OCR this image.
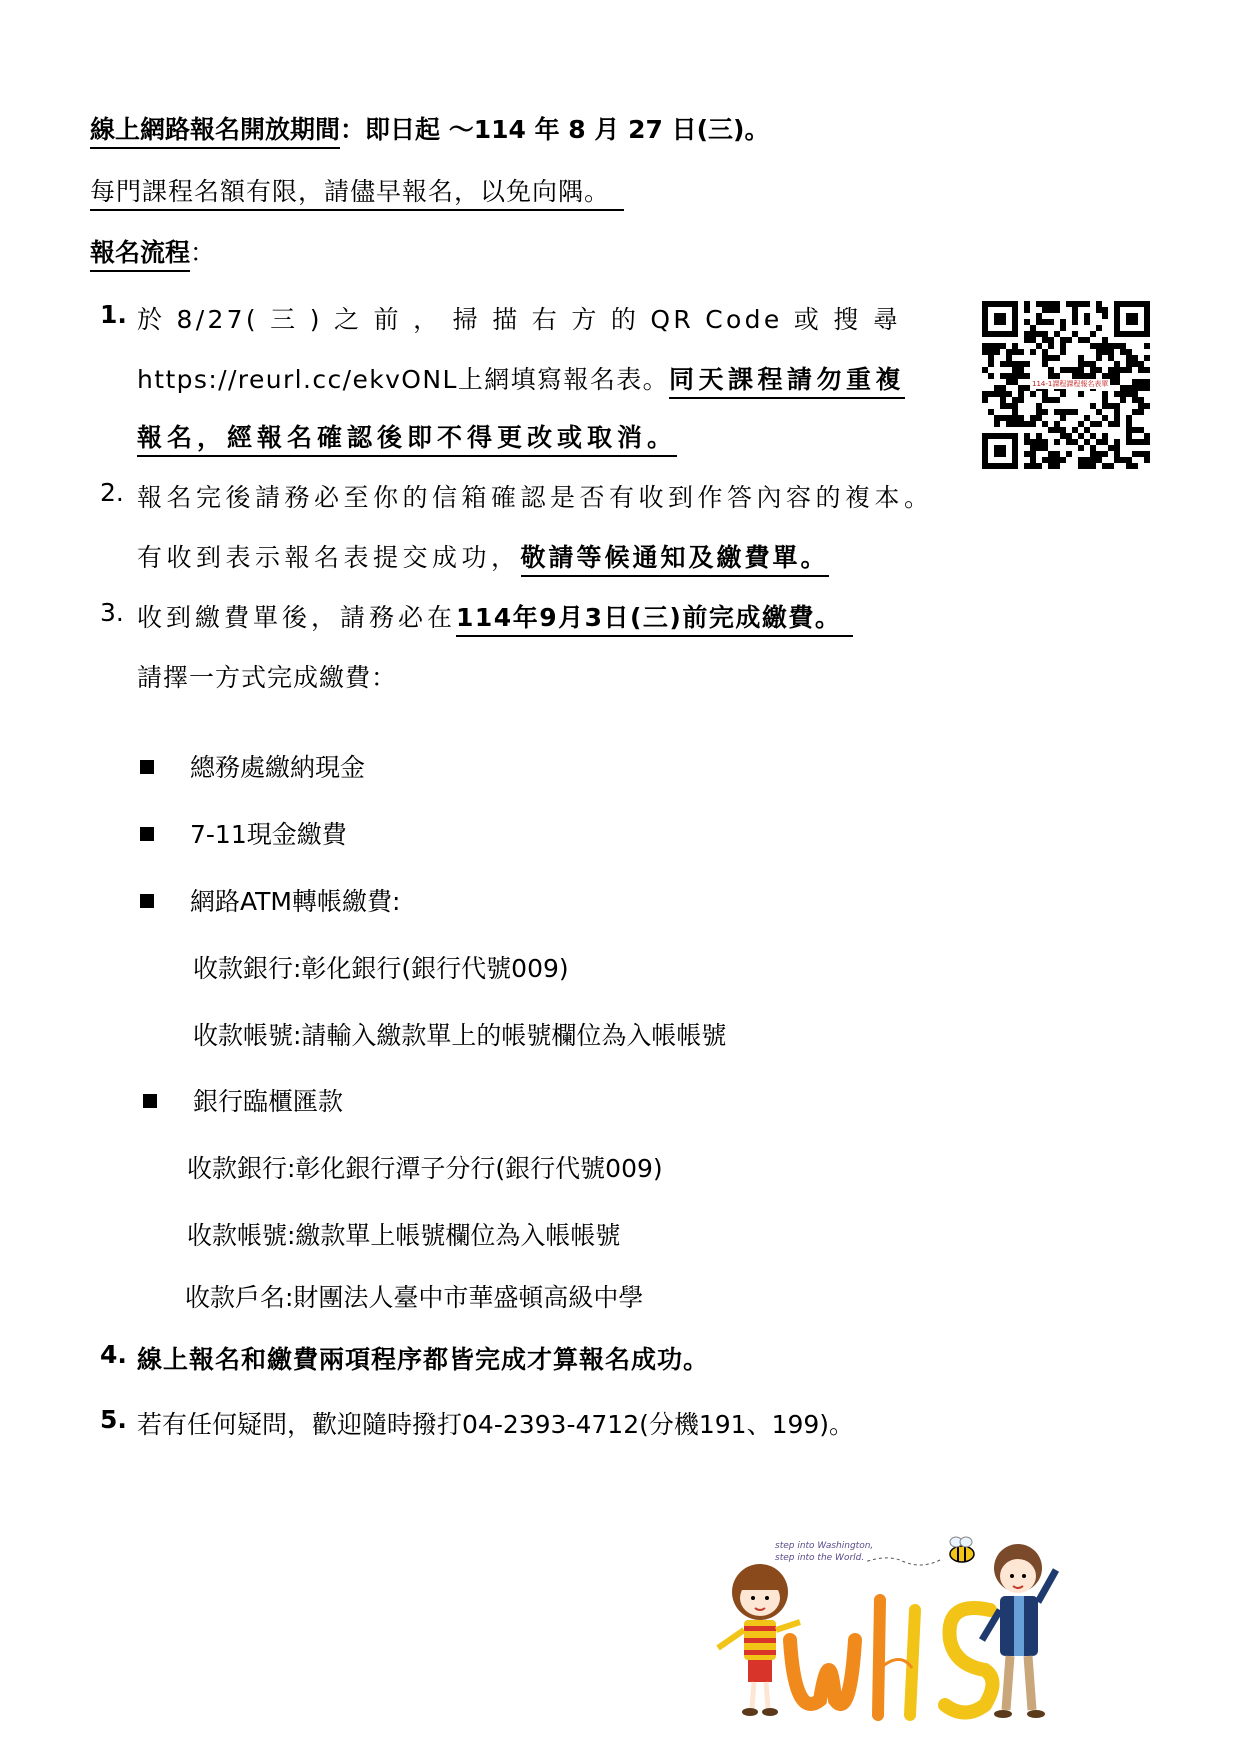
線上網路報名開放期間：即日起 ～114 年 8 月 27 日(三)。
每門課程名額有限，請儘早報名，以免向隅。
報名流程：
1. 於 8/27( 三 ) 之 前 ， 掃 描 右 方 的 QR Code 或 搜 尋
https://reurl.cc/ekvONL上網填寫報名表。同天課程請勿重複
報名，經報名確認後即不得更改或取消。
114-1課程課程報名表單
2. 報名完後請務必至你的信箱確認是否有收到作答內容的複本。
有收到表示報名表提交成功，敬請等候通知及繳費單。
3. 收到繳費單後，請務必在114年9月3日(三)前完成繳費。
請擇一方式完成繳費：
總務處繳納現金
7-11現金繳費
網路ATM轉帳繳費:
收款銀行:彰化銀行(銀行代號009)
收款帳號:請輸入繳款單上的帳號欄位為入帳帳號
銀行臨櫃匯款
收款銀行:彰化銀行潭子分行(銀行代號009)
收款帳號:繳款單上帳號欄位為入帳帳號
收款戶名:財團法人臺中市華盛頓高級中學
4. 線上報名和繳費兩項程序都皆完成才算報名成功。
5. 若有任何疑問，歡迎隨時撥打04-2393-4712(分機191、199)。
step into Washington,
step into the World.
